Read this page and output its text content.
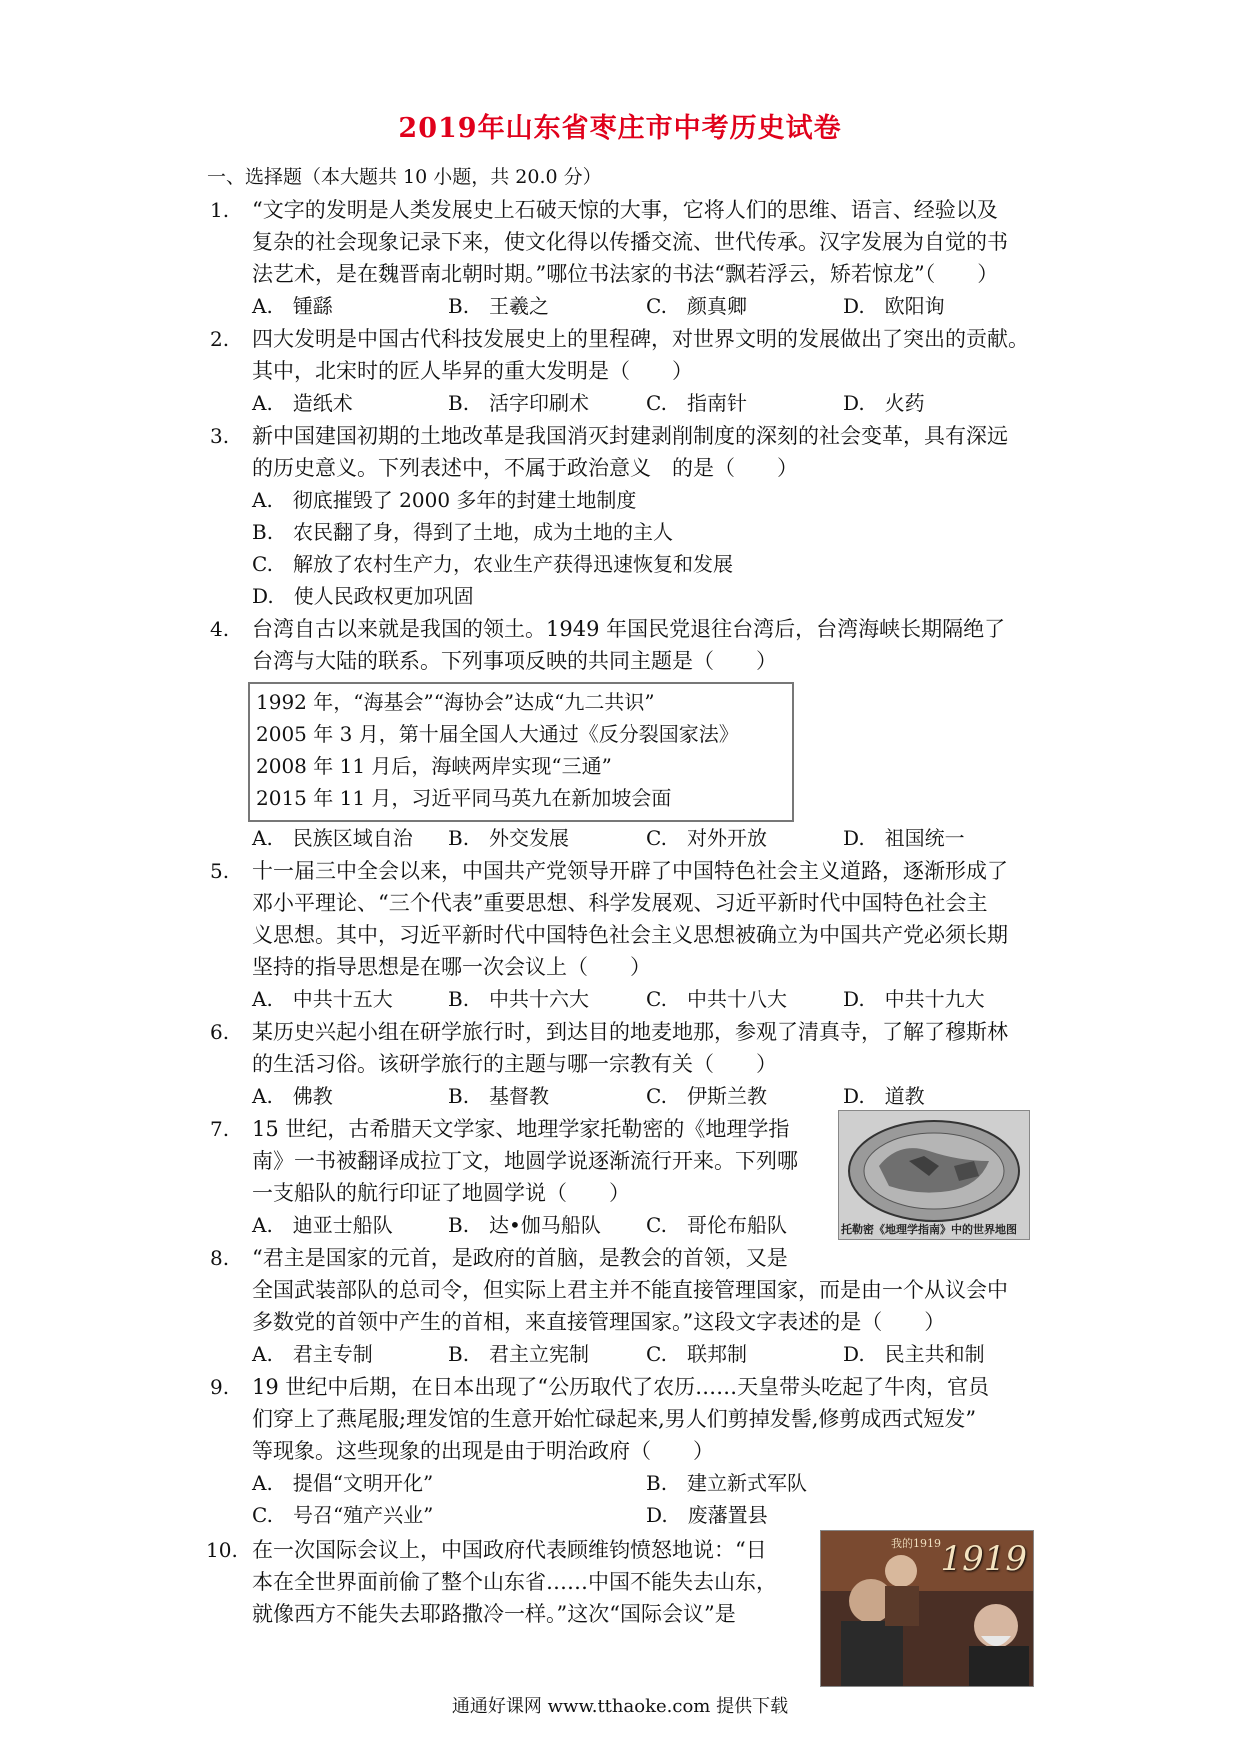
2019年山东省枣庄市中考历史试卷
一、选择题（本大题共 10 小题，共 20.0 分）
1. “文字的发明是人类发展史上石破天惊的大事，它将人们的思维、语言、经验以及
复杂的社会现象记录下来，使文化得以传播交流、世代传承。汉字发展为自觉的书
法艺术，是在魏晋南北朝时期。”哪位书法家的书法“飘若浮云，矫若惊龙”（　　）
A.　锺繇	B.　王羲之	C.　颜真卿	D.　欧阳询
2. 四大发明是中国古代科技发展史上的里程碑，对世界文明的发展做出了突出的贡献。
其中，北宋时的匠人毕昇的重大发明是（　　）
A.　造纸术	B.　活字印刷术	C.　指南针	D.　火药
3. 新中国建国初期的土地改革是我国消灭封建剥削制度的深刻的社会变革，具有深远
的历史意义。下列表述中，不属于政治意义　的是（　　）
A.　彻底摧毁了 2000 多年的封建土地制度
B.　农民翻了身，得到了土地，成为土地的主人
C.　解放了农村生产力，农业生产获得迅速恢复和发展
D.　使人民政权更加巩固
4. 台湾自古以来就是我国的领土。1949 年国民党退往台湾后，台湾海峡长期隔绝了
台湾与大陆的联系。下列事项反映的共同主题是（　　）
1992 年，“海基会”“海协会”达成“九二共识”
2005 年 3 月，第十届全国人大通过《反分裂国家法》
2008 年 11 月后，海峡两岸实现“三通”
2015 年 11 月，习近平同马英九在新加坡会面
A.　民族区域自治 B.　外交发展	C.　对外开放	D.　祖国统一
5. 十一届三中全会以来，中国共产党领导开辟了中国特色社会主义道路，逐渐形成了
邓小平理论、“三个代表”重要思想、科学发展观、习近平新时代中国特色社会主
义思想。其中，习近平新时代中国特色社会主义思想被确立为中国共产党必须长期
坚持的指导思想是在哪一次会议上（　　）
A.　中共十五大	B.　中共十六大	C.　中共十八大	D.　中共十九大
6. 某历史兴起小组在研学旅行时，到达目的地麦地那，参观了清真寺，了解了穆斯林
的生活习俗。该研学旅行的主题与哪一宗教有关（　　）
A.　佛教	B.　基督教	C.　伊斯兰教	D.　道教
7. 15 世纪，古希腊天文学家、地理学家托勒密的《地理学指
南》一书被翻译成拉丁文，地圆学说逐渐流行开来。下列哪
一支船队的航行印证了地圆学说（　　）
A.　迪亚士船队	B.　达•伽马船队 C.　哥伦布船队	托勒密《地理学指南》中的世界地图
8. “君主是国家的元首，是政府的首脑，是教会的首领，又是
全国武装部队的总司令，但实际上君主并不能直接管理国家，而是由一个从议会中
多数党的首领中产生的首相，来直接管理国家。”这段文字表述的是（　　）
A.　君主专制	B.　君主立宪制	C.　联邦制	D.　民主共和制
9. 19 世纪中后期，在日本出现了“公历取代了农历……天皇带头吃起了牛肉，官员
们穿上了燕尾服;理发馆的生意开始忙碌起来,男人们剪掉发髻,修剪成西式短发”
等现象。这些现象的出现是由于明治政府（　　）
A.　提倡“文明开化”	B.　建立新式军队
C.　号召“殖产兴业”	D.　废藩置县
10. 在一次国际会议上，中国政府代表顾维钧愤怒地说：“日
本在全世界面前偷了整个山东省……中国不能失去山东，
就像西方不能失去耶路撒冷一样。”这次“国际会议”是
1919
我的1919
通通好课网 www.tthaoke.com 提供下载
